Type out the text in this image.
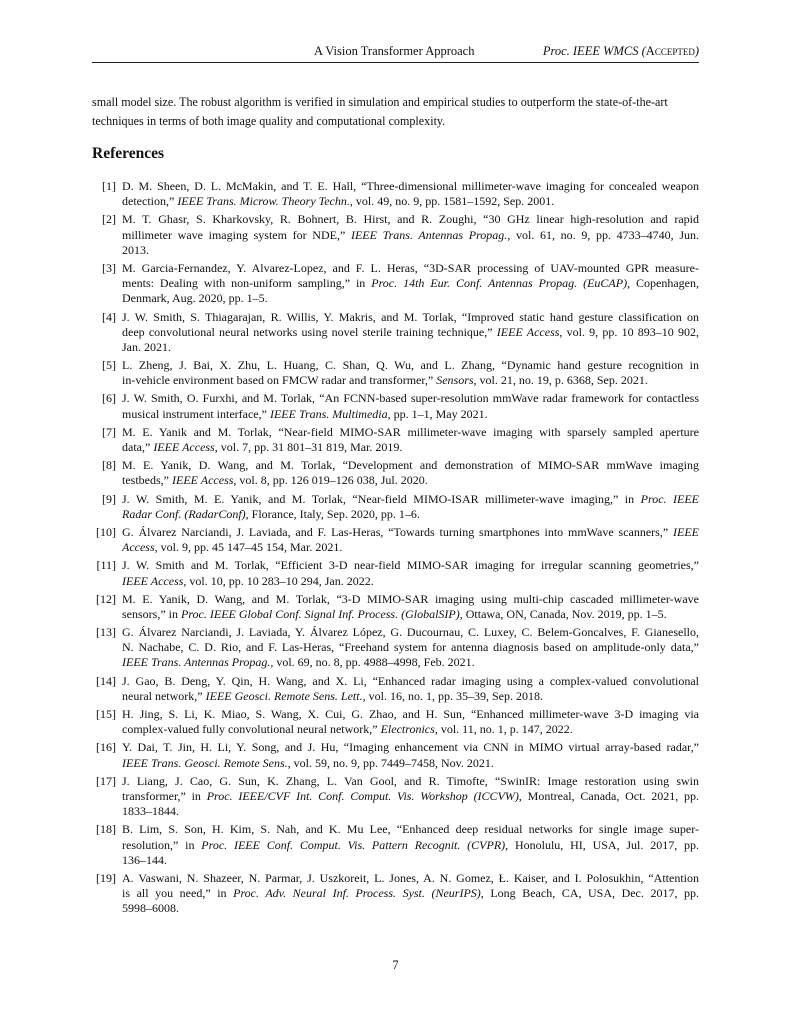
A Vision Transformer Approach	Proc. IEEE WMCS (Accepted)
small model size. The robust algorithm is verified in simulation and empirical studies to outperform the state-of-the-art
techniques in terms of both image quality and computational complexity.
References
[1] D. M. Sheen, D. L. McMakin, and T. E. Hall, “Three-dimensional millimeter-wave imaging for concealed weapon
detection,” IEEE Trans. Microw. Theory Techn., vol. 49, no. 9, pp. 1581–1592, Sep. 2001.
[2] M. T. Ghasr, S. Kharkovsky, R. Bohnert, B. Hirst, and R. Zoughi, “30 GHz linear high-resolution and rapid
millimeter wave imaging system for NDE,” IEEE Trans. Antennas Propag., vol. 61, no. 9, pp. 4733–4740, Jun.
2013.
[3] M. Garcia-Fernandez, Y. Alvarez-Lopez, and F. L. Heras, “3D-SAR processing of UAV-mounted GPR measure-
ments: Dealing with non-uniform sampling,” in Proc. 14th Eur. Conf. Antennas Propag. (EuCAP), Copenhagen,
Denmark, Aug. 2020, pp. 1–5.
[4] J. W. Smith, S. Thiagarajan, R. Willis, Y. Makris, and M. Torlak, “Improved static hand gesture classification on
deep convolutional neural networks using novel sterile training technique,” IEEE Access, vol. 9, pp. 10 893–10 902,
Jan. 2021.
[5] L. Zheng, J. Bai, X. Zhu, L. Huang, C. Shan, Q. Wu, and L. Zhang, “Dynamic hand gesture recognition in
in-vehicle environment based on FMCW radar and transformer,” Sensors, vol. 21, no. 19, p. 6368, Sep. 2021.
[6] J. W. Smith, O. Furxhi, and M. Torlak, “An FCNN-based super-resolution mmWave radar framework for contactless
musical instrument interface,” IEEE Trans. Multimedia, pp. 1–1, May 2021.
[7] M. E. Yanik and M. Torlak, “Near-field MIMO-SAR millimeter-wave imaging with sparsely sampled aperture
data,” IEEE Access, vol. 7, pp. 31 801–31 819, Mar. 2019.
[8] M. E. Yanik, D. Wang, and M. Torlak, “Development and demonstration of MIMO-SAR mmWave imaging
testbeds,” IEEE Access, vol. 8, pp. 126 019–126 038, Jul. 2020.
[9] J. W. Smith, M. E. Yanik, and M. Torlak, “Near-field MIMO-ISAR millimeter-wave imaging,” in Proc. IEEE
Radar Conf. (RadarConf), Florance, Italy, Sep. 2020, pp. 1–6.
[10] G. Álvarez Narciandi, J. Laviada, and F. Las-Heras, “Towards turning smartphones into mmWave scanners,” IEEE
Access, vol. 9, pp. 45 147–45 154, Mar. 2021.
[11] J. W. Smith and M. Torlak, “Efficient 3-D near-field MIMO-SAR imaging for irregular scanning geometries,”
IEEE Access, vol. 10, pp. 10 283–10 294, Jan. 2022.
[12] M. E. Yanik, D. Wang, and M. Torlak, “3-D MIMO-SAR imaging using multi-chip cascaded millimeter-wave
sensors,” in Proc. IEEE Global Conf. Signal Inf. Process. (GlobalSIP), Ottawa, ON, Canada, Nov. 2019, pp. 1–5.
[13] G. Álvarez Narciandi, J. Laviada, Y. Álvarez López, G. Ducournau, C. Luxey, C. Belem-Goncalves, F. Gianesello,
N. Nachabe, C. D. Rio, and F. Las-Heras, “Freehand system for antenna diagnosis based on amplitude-only data,”
IEEE Trans. Antennas Propag., vol. 69, no. 8, pp. 4988–4998, Feb. 2021.
[14] J. Gao, B. Deng, Y. Qin, H. Wang, and X. Li, “Enhanced radar imaging using a complex-valued convolutional
neural network,” IEEE Geosci. Remote Sens. Lett., vol. 16, no. 1, pp. 35–39, Sep. 2018.
[15] H. Jing, S. Li, K. Miao, S. Wang, X. Cui, G. Zhao, and H. Sun, “Enhanced millimeter-wave 3-D imaging via
complex-valued fully convolutional neural network,” Electronics, vol. 11, no. 1, p. 147, 2022.
[16] Y. Dai, T. Jin, H. Li, Y. Song, and J. Hu, “Imaging enhancement via CNN in MIMO virtual array-based radar,”
IEEE Trans. Geosci. Remote Sens., vol. 59, no. 9, pp. 7449–7458, Nov. 2021.
[17] J. Liang, J. Cao, G. Sun, K. Zhang, L. Van Gool, and R. Timofte, “SwinIR: Image restoration using swin
transformer,” in Proc. IEEE/CVF Int. Conf. Comput. Vis. Workshop (ICCVW), Montreal, Canada, Oct. 2021, pp.
1833–1844.
[18] B. Lim, S. Son, H. Kim, S. Nah, and K. Mu Lee, “Enhanced deep residual networks for single image super-
resolution,” in Proc. IEEE Conf. Comput. Vis. Pattern Recognit. (CVPR), Honolulu, HI, USA, Jul. 2017, pp.
136–144.
[19] A. Vaswani, N. Shazeer, N. Parmar, J. Uszkoreit, L. Jones, A. N. Gomez, Ł. Kaiser, and I. Polosukhin, “Attention
is all you need,” in Proc. Adv. Neural Inf. Process. Syst. (NeurIPS), Long Beach, CA, USA, Dec. 2017, pp.
5998–6008.
7
